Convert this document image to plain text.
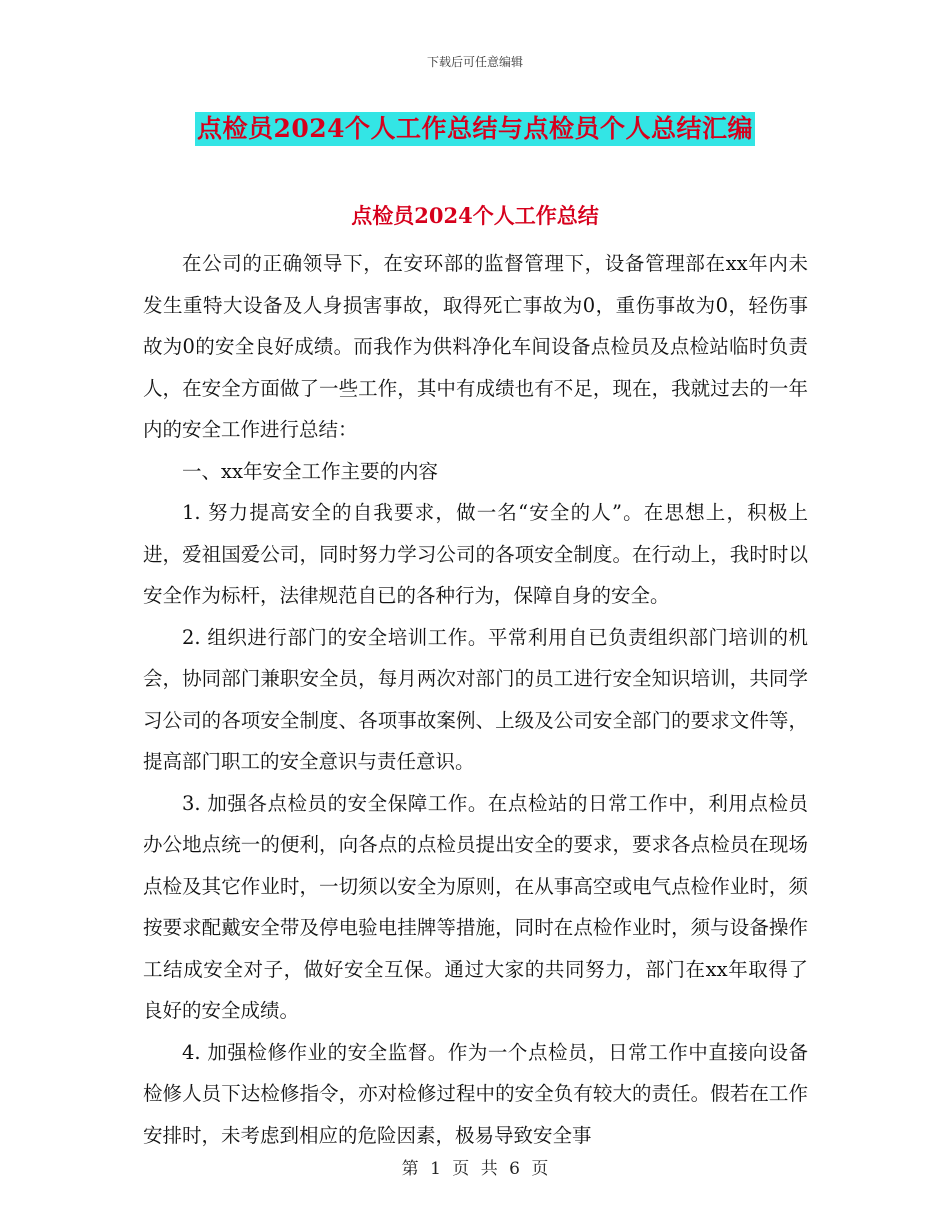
下载后可任意编辑
点检员2024个人工作总结与点检员个人总结汇编
点检员2024个人工作总结

在公司的正确领导下，在安环部的监督管理下，设备管理部在xx年内未发生重特大设备及人身损害事故，取得死亡事故为0，重伤事故为0，轻伤事故为0的安全良好成绩。而我作为供料净化车间设备点检员及点检站临时负责人，在安全方面做了一些工作，其中有成绩也有不足，现在，我就过去的一年内的安全工作进行总结：

一、xx年安全工作主要的内容

1. 努力提高安全的自我要求，做一名“安全的人”。在思想上，积极上进，爱祖国爱公司，同时努力学习公司的各项安全制度。在行动上，我时时以安全作为标杆，法律规范自已的各种行为，保障自身的安全。

2. 组织进行部门的安全培训工作。平常利用自已负责组织部门培训的机会，协同部门兼职安全员，每月两次对部门的员工进行安全知识培训，共同学习公司的各项安全制度、各项事故案例、上级及公司安全部门的要求文件等，提高部门职工的安全意识与责任意识。

3. 加强各点检员的安全保障工作。在点检站的日常工作中，利用点检员办公地点统一的便利，向各点的点检员提出安全的要求，要求各点检员在现场点检及其它作业时，一切须以安全为原则，在从事高空或电气点检作业时，须按要求配戴安全带及停电验电挂牌等措施，同时在点检作业时，须与设备操作工结成安全对子，做好安全互保。通过大家的共同努力，部门在xx年取得了良好的安全成绩。

4. 加强检修作业的安全监督。作为一个点检员，日常工作中直接向设备检修人员下达检修指令，亦对检修过程中的安全负有较大的责任。假若在工作安排时，未考虑到相应的危险因素，极易导致安全事

第 1 页 共 6 页
